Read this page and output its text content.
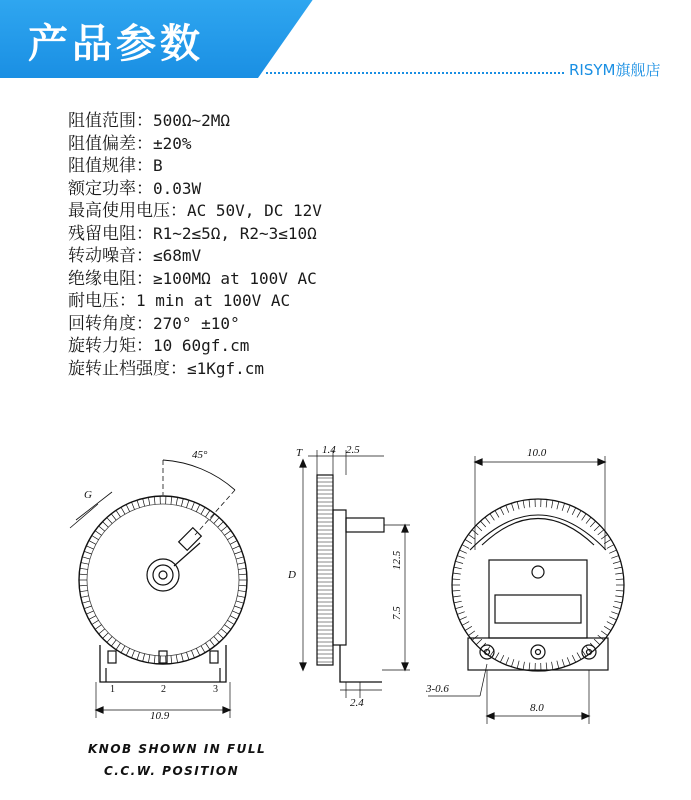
产品参数
RISYM旗舰店
阻值范围：500Ω~2MΩ
阻值偏差：±20%
阻值规律：B
额定功率：0.03W
最高使用电压：AC 50V, DC 12V
残留电阻：R1~2≤5Ω, R2~3≤10Ω
转动噪音：≤68mV
绝缘电阻：≥100MΩ at 100V AC
耐电压：1 min at 100V AC
回转角度：270° ±10°
旋转力矩：10 60gf.cm
旋转止档强度：≤1Kgf.cm
45°
G
1	2	3
10.9
T
D
1.4 2.5
12.5
7.5
2.4
10.0
3-0.6
8.0
KNOB SHOWN IN FULL
C.C.W. POSITION
